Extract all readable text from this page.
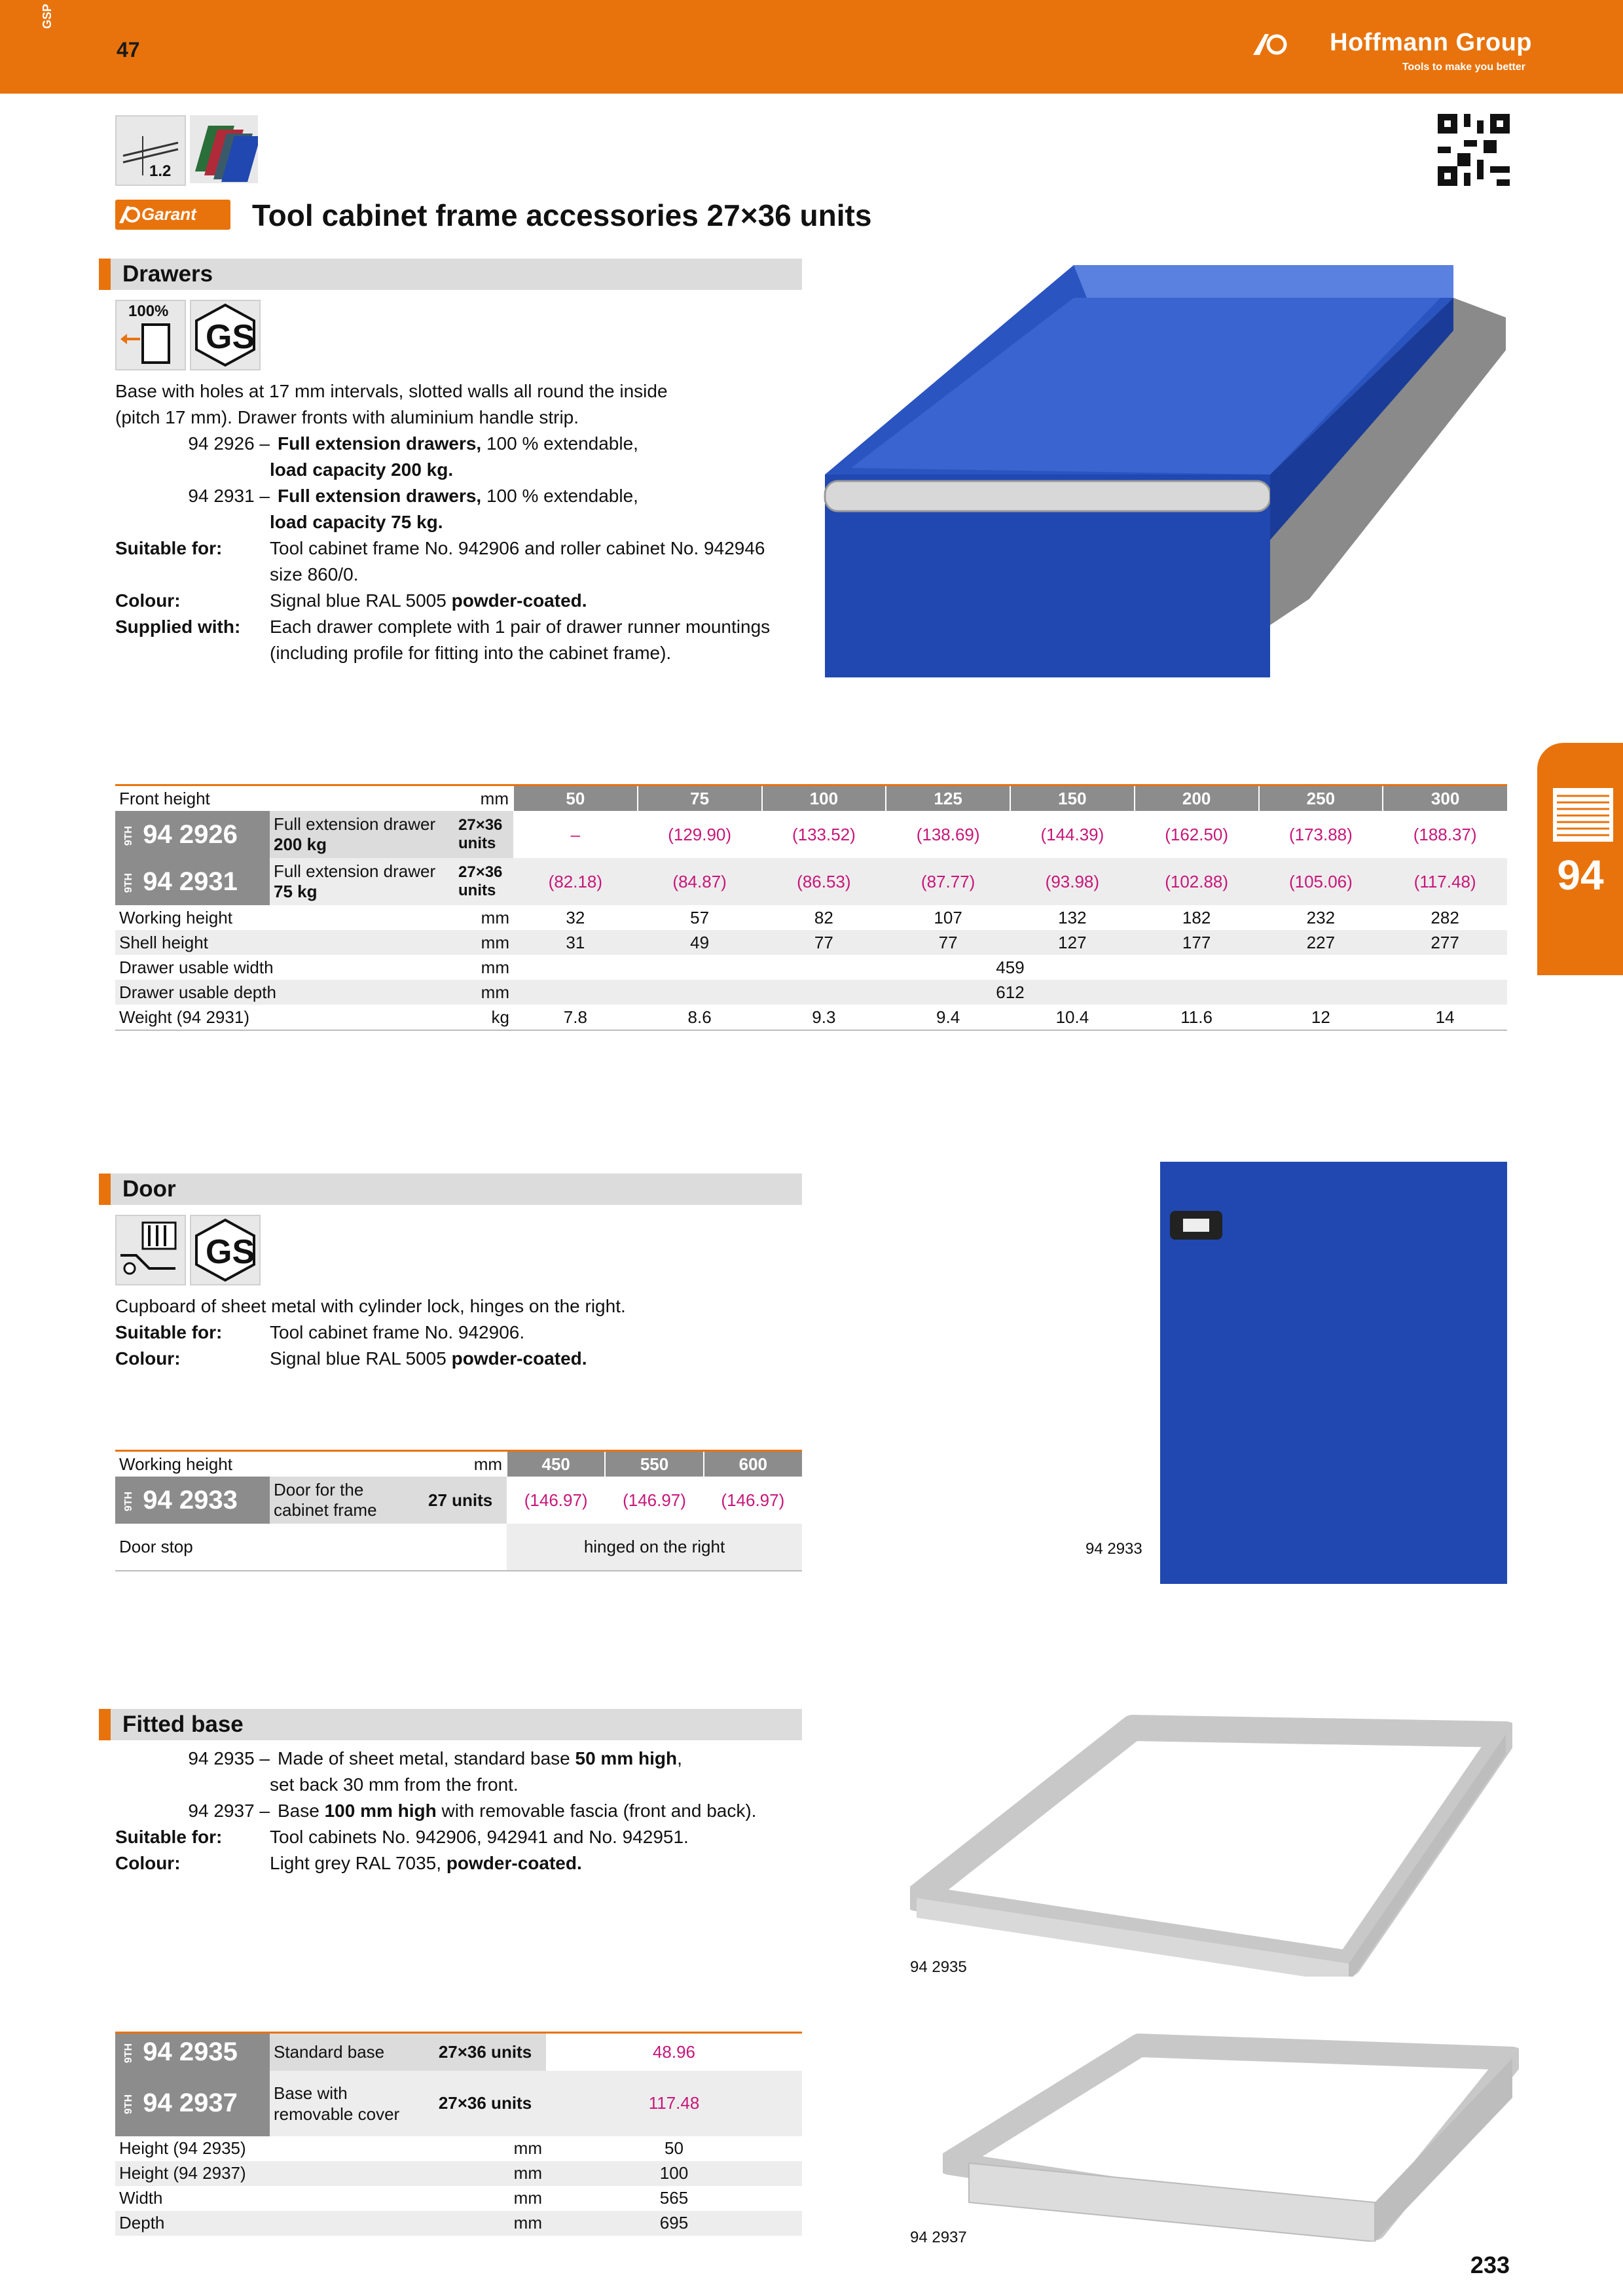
GSP
47	Hoffmann Group
Tools to make you better
1.2
Garant Tool cabinet frame accessories 27×36 units
94
Drawers
100%
GS
Base with holes at 17 mm intervals, slotted walls all round the inside
(pitch 17 mm). Drawer fronts with aluminium handle strip.
94 2926 – Full extension drawers, 100 % extendable,
load capacity 200 kg.
94 2931 – Full extension drawers, 100 % extendable,
load capacity 75 kg.
Suitable for:	Tool cabinet frame No. 942906 and roller cabinet No. 942946
size 860/0.
Colour:	Signal blue RAL 5005 powder-coated.
Supplied with:	Each drawer complete with 1 pair of drawer runner mountings
(including profile for fitting into the cabinet frame).
Front height		mm	50	75	100	125	150	200	250	300
9TH 94 2926	Full extension drawer 200 kg	27×36 units	–	(129.90)	(133.52)	(138.69)	(144.39)	(162.50)	(173.88)	(188.37)
9TH 94 2931	Full extension drawer 75 kg	27×36 units	(82.18)	(84.87)	(86.53)	(87.77)	(93.98)	(102.88)	(105.06)	(117.48)
Working height		mm	32	57	82	107	132	182	232	282
Shell height		mm	31	49	77	77	127	177	227	277
Drawer usable width		mm	459							
Drawer usable depth		mm	612							
Weight (94 2931)		kg	7.8	8.6	9.3	9.4	10.4	11.6	12	14
Door
GS
Cupboard of sheet metal with cylinder lock, hinges on the right.
Suitable for:	Tool cabinet frame No. 942906.
Colour:	Signal blue RAL 5005 powder-coated.
94 2933
Working height		mm	450	550	600
9TH 94 2933	Door for the cabinet frame	27 units	(146.97)	(146.97)	(146.97)
Door stop			hinged on the right		
Fitted base
94 2935 – Made of sheet metal, standard base 50 mm high,
set back 30 mm from the front.
94 2937 – Base 100 mm high with removable fascia (front and back).
Suitable for:	Tool cabinets No. 942906, 942941 and No. 942951.
Colour:	Light grey RAL 7035, powder-coated.
94 2935
94 2937
9TH 94 2935	Standard base	27×36 units	48.96
9TH 94 2937	Base with
removable cover	27×36 units	117.48
Height (94 2935)		mm	50
Height (94 2937)		mm	100
Width		mm	565
Depth		mm	695
233
